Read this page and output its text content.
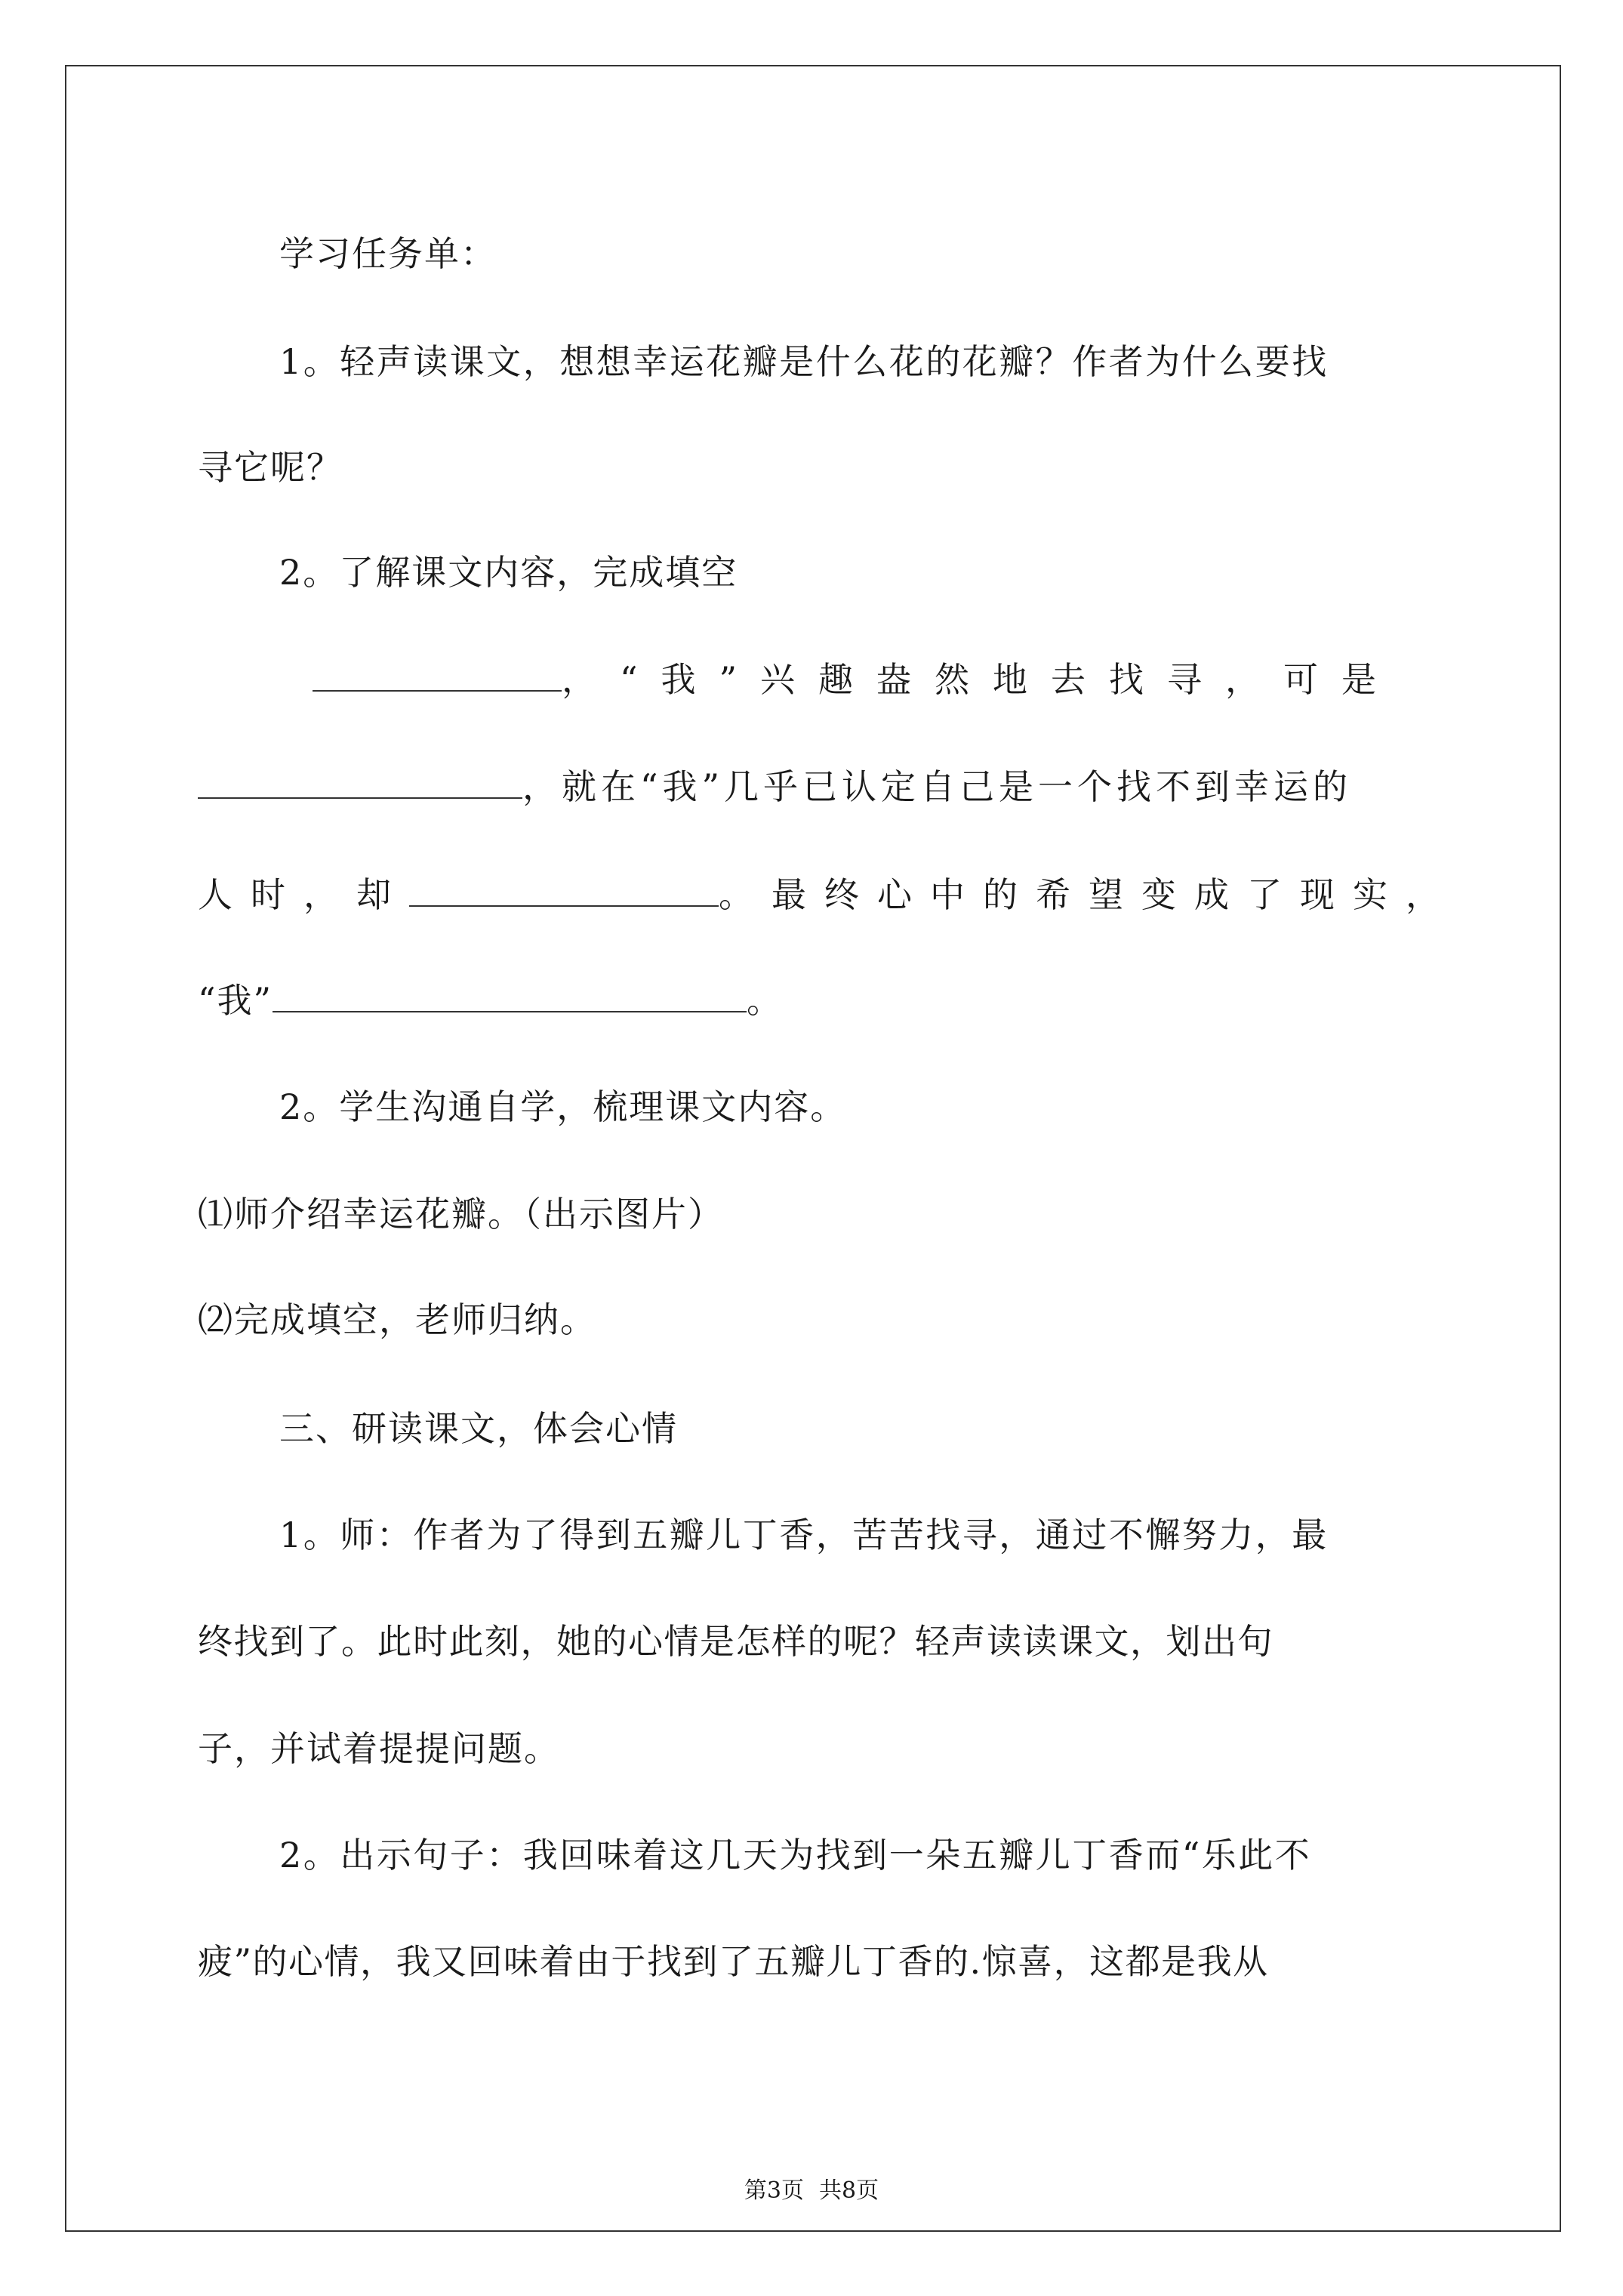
学习任务单：
1。轻声读课文，想想幸运花瓣是什么花的花瓣？作者为什么要找
寻它呢？
2。了解课文内容，完成填空
，“我”兴趣盎然地去找寻，可是
，就在“我”几乎已认定自己是一个找不到幸运的
人时，却	。最终心中的希望变成了现实，
“我”	。
2。学生沟通自学，梳理课文内容。
⑴师介绍幸运花瓣。（出示图片）
⑵完成填空，老师归纳。
三、研读课文，体会心情
1。师：作者为了得到五瓣儿丁香，苦苦找寻，通过不懈努力，最
终找到了。此时此刻，她的心情是怎样的呢？轻声读读课文，划出句
子，并试着提提问题。
2。出示句子：我回味着这几天为找到一朵五瓣儿丁香而“乐此不
疲”的心情，我又回味着由于找到了五瓣儿丁香的.惊喜，这都是我从
第3页 共8页
